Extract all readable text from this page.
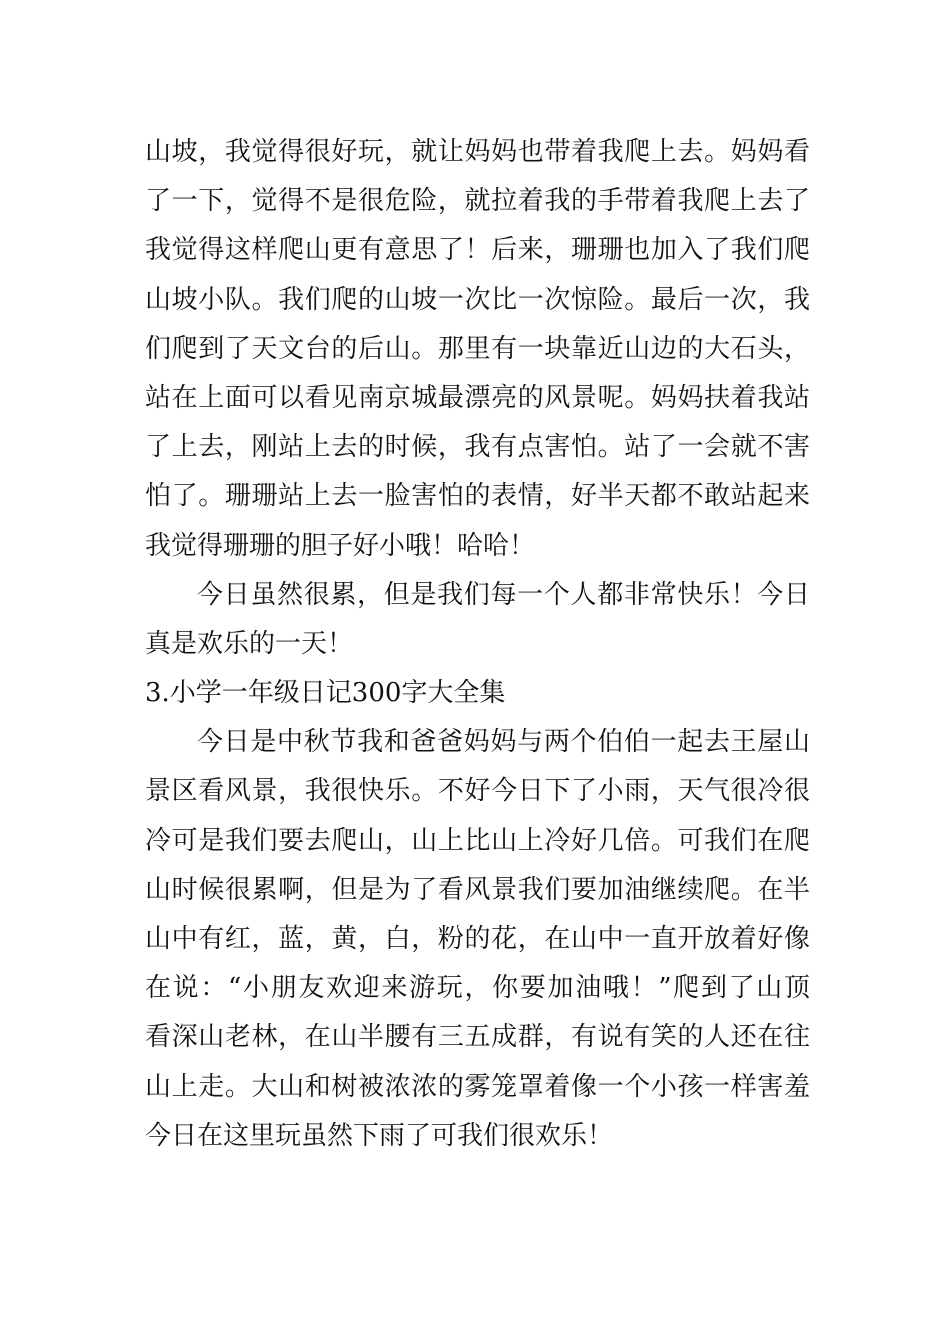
山坡，我觉得很好玩，就让妈妈也带着我爬上去。妈妈看
了一下，觉得不是很危险，就拉着我的手带着我爬上去了
我觉得这样爬山更有意思了！后来，珊珊也加入了我们爬
山坡小队。我们爬的山坡一次比一次惊险。最后一次，我
们爬到了天文台的后山。那里有一块靠近山边的大石头，
站在上面可以看见南京城最漂亮的风景呢。妈妈扶着我站
了上去，刚站上去的时候，我有点害怕。站了一会就不害
怕了。珊珊站上去一脸害怕的表情，好半天都不敢站起来
我觉得珊珊的胆子好小哦！哈哈！
今日虽然很累，但是我们每一个人都非常快乐！今日
真是欢乐的一天！
3.小学一年级日记300字大全集
今日是中秋节我和爸爸妈妈与两个伯伯一起去王屋山
景区看风景，我很快乐。不好今日下了小雨，天气很冷很
冷可是我们要去爬山，山上比山上冷好几倍。可我们在爬
山时候很累啊，但是为了看风景我们要加油继续爬。在半
山中有红，蓝，黄，白，粉的花，在山中一直开放着好像
在说：“小朋友欢迎来游玩，你要加油哦！”爬到了山顶
看深山老林，在山半腰有三五成群，有说有笑的人还在往
山上走。大山和树被浓浓的雾笼罩着像一个小孩一样害羞
今日在这里玩虽然下雨了可我们很欢乐！
